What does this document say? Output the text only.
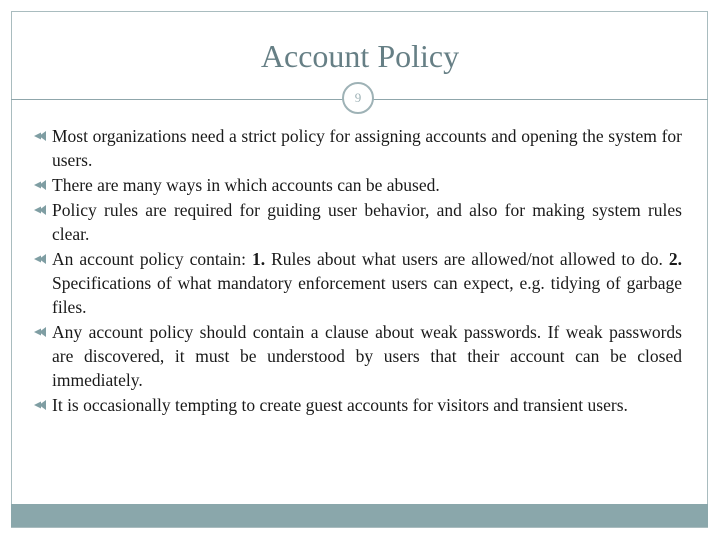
Account Policy
9
Most organizations need a strict policy for assigning accounts and opening the system for users.
There are many ways in which accounts can be abused.
Policy rules are required for guiding user behavior, and also for making system rules clear.
An account policy contain: 1. Rules about what users are allowed/not allowed to do. 2. Specifications of what mandatory enforcement users can expect, e.g. tidying of garbage files.
Any account policy should contain a clause about weak passwords. If weak passwords are discovered, it must be understood by users that their account can be closed immediately.
It is occasionally tempting to create guest accounts for visitors and transient users.
